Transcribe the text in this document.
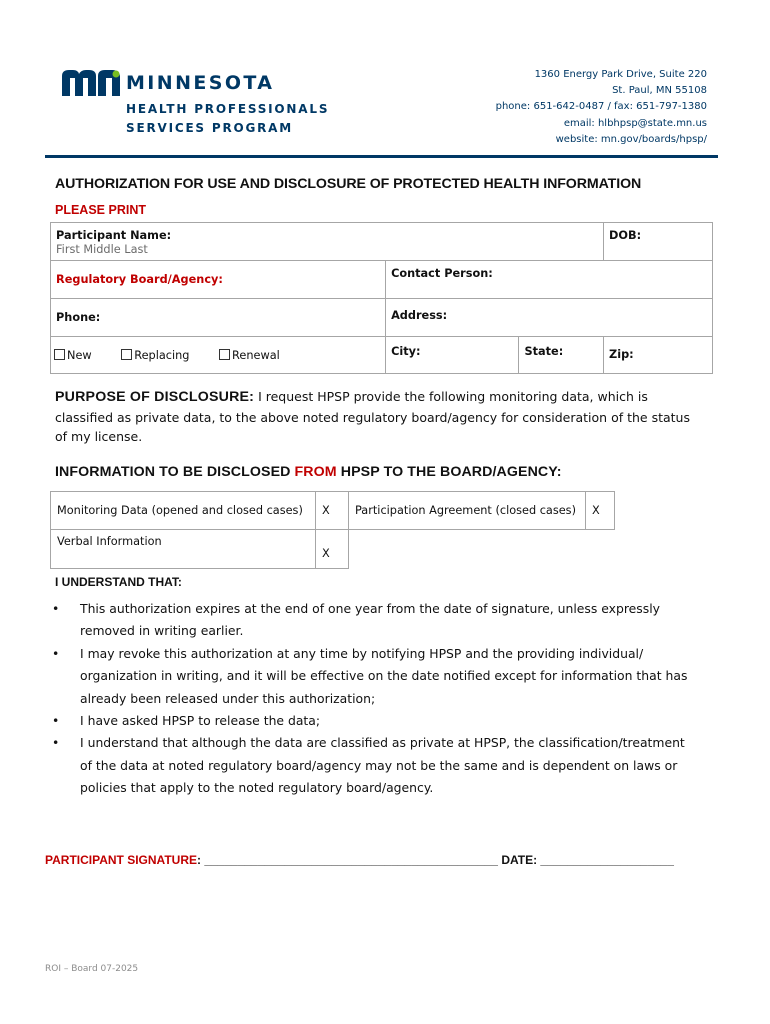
MINNESOTA
HEALTH PROFESSIONALS
SERVICES PROGRAM
1360 Energy Park Drive, Suite 220
St. Paul, MN 55108
phone: 651-642-0487 / fax: 651-797-1380
email: hlbhpsp@state.mn.us
website: mn.gov/boards/hpsp/
AUTHORIZATION FOR USE AND DISCLOSURE OF PROTECTED HEALTH INFORMATION
PLEASE PRINT
Participant Name:
First Middle Last			DOB:
Regulatory Board/Agency:	Contact Person:		
Phone:	Address:		
New Replacing Renewal	City:	State:	Zip:
PURPOSE OF DISCLOSURE: I request HPSP provide the following monitoring data, which is classified as private data, to the above noted regulatory board/agency for consideration of the status of my license.
INFORMATION TO BE DISCLOSED FROM HPSP TO THE BOARD/AGENCY:
Monitoring Data (opened and closed cases)	X	Participation Agreement (closed cases)	X
Verbal Information	X		
I UNDERSTAND THAT:
• This authorization expires at the end of one year from the date of signature, unless expressly removed in writing earlier.
• I may revoke this authorization at any time by notifying HPSP and the providing individual/ organization in writing, and it will be effective on the date notified except for information that has already been released under this authorization;
• I have asked HPSP to release the data;
• I understand that although the data are classified as private at HPSP, the classification/treatment of the data at noted regulatory board/agency may not be the same and is dependent on laws or policies that apply to the noted regulatory board/agency.
PARTICIPANT SIGNATURE: ____________________________________________ DATE: ____________________
ROI – Board 07-2025
